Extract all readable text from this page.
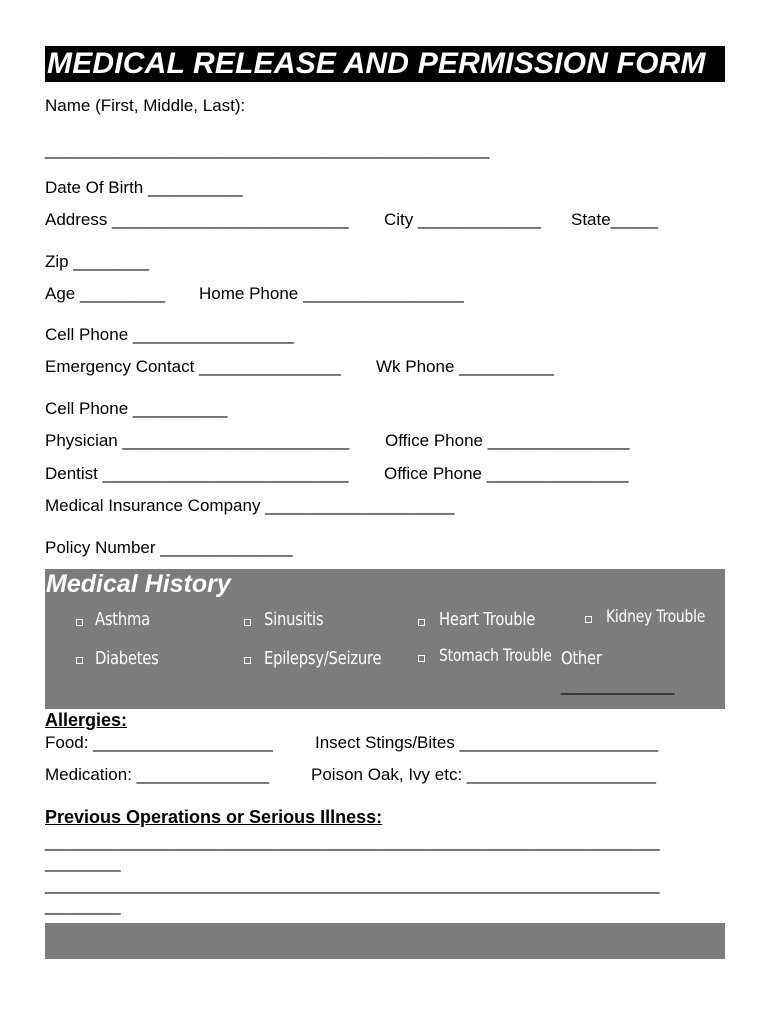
MEDICAL RELEASE AND PERMISSION FORM
Name (First, Middle, Last):
_______________________________________________
Date Of Birth __________
Address _________________________ City _____________ State_____
Zip ________
Age _________ Home Phone _________________
Cell Phone _________________
Emergency Contact _______________ Wk Phone __________
Cell Phone __________
Physician ________________________ Office Phone _______________
Dentist __________________________ Office Phone _______________
Medical Insurance Company ____________________
Policy Number ______________
Medical History
Asthma	Sinusitis	Heart Trouble	Kidney Trouble
Diabetes	Epilepsy/Seizure	Stomach Trouble Other
____________
Allergies:
Food: ___________________ Insect Stings/Bites _____________________
Medication: ______________ Poison Oak, Ivy etc: ____________________
Previous Operations or Serious Illness:
_________________________________________________________________
________
_________________________________________________________________
________
